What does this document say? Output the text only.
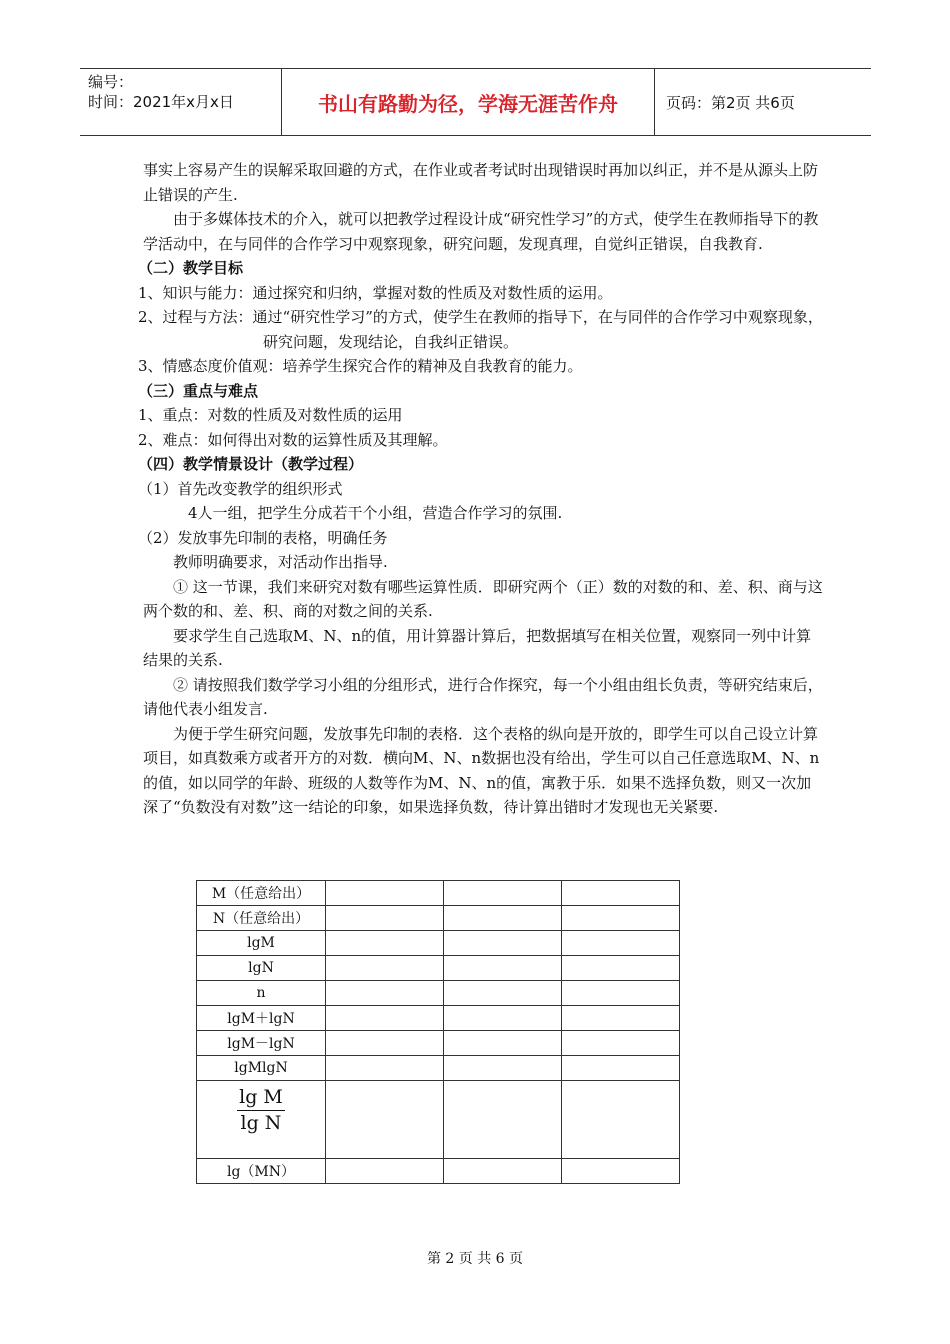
编号：
时间：2021年x月x日	书山有路勤为径，学海无涯苦作舟	页码：第2页 共6页

事实上容易产生的误解采取回避的方式，在作业或者考试时出现错误时再加以纠正，并不是从源头上防止错误的产生.

由于多媒体技术的介入，就可以把教学过程设计成“研究性学习”的方式，使学生在教师指导下的教学活动中，在与同伴的合作学习中观察现象，研究问题，发现真理，自觉纠正错误，自我教育.

（二）教学目标

1、知识与能力：通过探究和归纳，掌握对数的性质及对数性质的运用。

2、过程与方法：通过“研究性学习”的方式，使学生在教师的指导下，在与同伴的合作学习中观察现象，研究问题，发现结论，自我纠正错误。

3、情感态度价值观：培养学生探究合作的精神及自我教育的能力。

（三）重点与难点

1、重点：对数的性质及对数性质的运用

2、难点：如何得出对数的运算性质及其理解。

（四）教学情景设计（教学过程）

（1）首先改变教学的组织形式

4人一组，把学生分成若干个小组，营造合作学习的氛围.

（2）发放事先印制的表格，明确任务

教师明确要求，对活动作出指导.

① 这一节课，我们来研究对数有哪些运算性质．即研究两个（正）数的对数的和、差、积、商与这两个数的和、差、积、商的对数之间的关系.

要求学生自己选取M、N、n的值，用计算器计算后，把数据填写在相关位置，观察同一列中计算结果的关系.

② 请按照我们数学学习小组的分组形式，进行合作探究，每一个小组由组长负责，等研究结束后，请他代表小组发言.

为便于学生研究问题，发放事先印制的表格．这个表格的纵向是开放的，即学生可以自己设立计算项目，如真数乘方或者开方的对数．横向M、N、n数据也没有给出，学生可以自己任意选取M、N、n的值，如以同学的年龄、班级的人数等作为M、N、n的值，寓教于乐．如果不选择负数，则又一次加深了“负数没有对数”这一结论的印象，如果选择负数，待计算出错时才发现也无关紧要.

M（任意给出）			
N（任意给出）			
lgM			
lgN			
n			
lgM＋lgN			
lgM－lgN			
lgMlgN			

$\frac{\text{lg M}}{\text{lg N}}$

lg（MN）			
第 2 页 共 6 页
